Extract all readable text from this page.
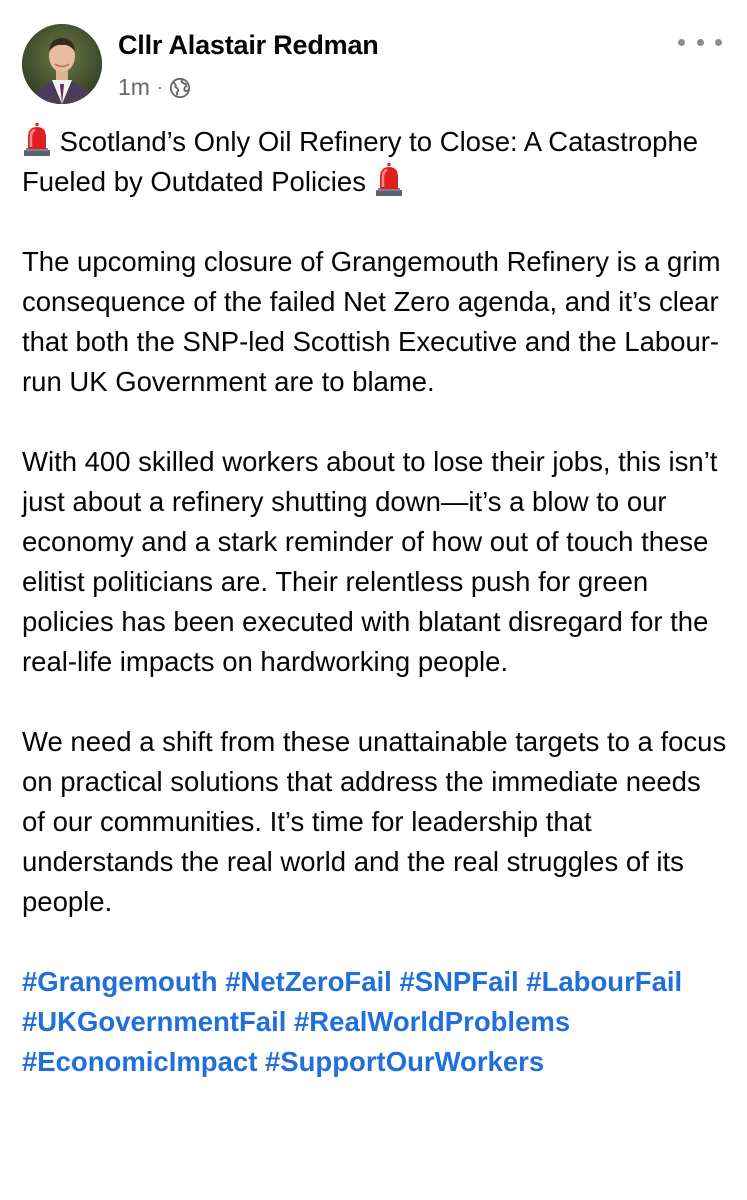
Cllr Alastair Redman
1m ·

Scotland’s Only Oil Refinery to Close: A Catastrophe Fueled by Outdated Policies

The upcoming closure of Grangemouth Refinery is a grim consequence of the failed Net Zero agenda, and it’s clear that both the SNP-led Scottish Executive and the Labour-run UK Government are to blame.

With 400 skilled workers about to lose their jobs, this isn’t just about a refinery shutting down—it’s a blow to our economy and a stark reminder of how out of touch these elitist politicians are. Their relentless push for green policies has been executed with blatant disregard for the real-life impacts on hardworking people.

We need a shift from these unattainable targets to a focus on practical solutions that address the immediate needs of our communities. It’s time for leadership that understands the real world and the real struggles of its people.

#Grangemouth #NetZeroFail #SNPFail #LabourFail #UKGovernmentFail #RealWorldProblems #EconomicImpact #SupportOurWorkers
